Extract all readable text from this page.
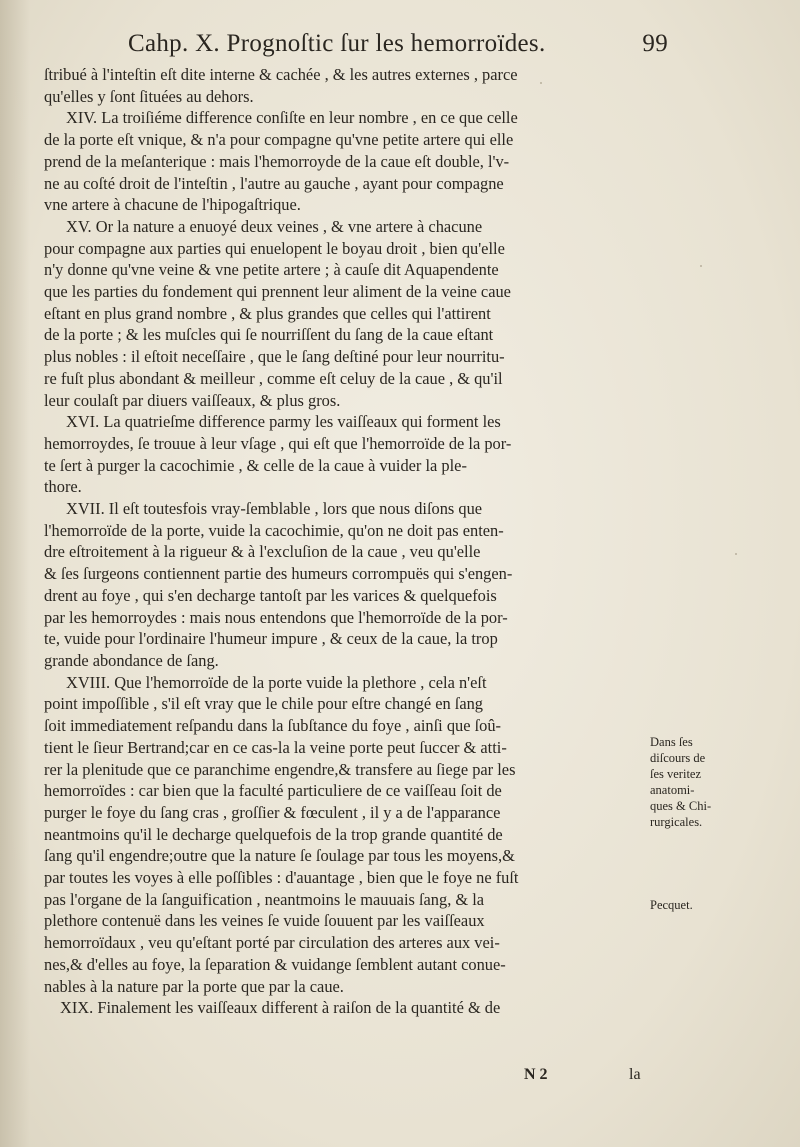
Cahp. X. Prognoſtic ſur les hemorroïdes.	99
ſtribué à l'inteſtin eſt dite interne & cachée , & les autres externes , parce
qu'elles y ſont ſituées au dehors.
XIV. La troiſiéme difference conſiſte en leur nombre , en ce que celle
de la porte eſt vnique, & n'a pour compagne qu'vne petite artere qui elle
prend de la meſanterique : mais l'hemorroyde de la caue eſt double, l'v-
ne au coſté droit de l'inteſtin , l'autre au gauche , ayant pour compagne
vne artere à chacune de l'hipogaſtrique.
XV. Or la nature a enuoyé deux veines , & vne artere à chacune
pour compagne aux parties qui enuelopent le boyau droit , bien qu'elle
n'y donne qu'vne veine & vne petite artere ; à cauſe dit Aquapendente
que les parties du fondement qui prennent leur aliment de la veine caue
eſtant en plus grand nombre , & plus grandes que celles qui l'attirent
de la porte ; & les muſcles qui ſe nourriſſent du ſang de la caue eſtant
plus nobles : il eſtoit neceſſaire , que le ſang deſtiné pour leur nourritu-
re fuſt plus abondant & meilleur , comme eſt celuy de la caue , & qu'il
leur coulaſt par diuers vaiſſeaux, & plus gros.
XVI. La quatrieſme difference parmy les vaiſſeaux qui forment les
hemorroydes, ſe trouue à leur vſage , qui eſt que l'hemorroïde de la por-
te ſert à purger la cacochimie , & celle de la caue à vuider la ple-
thore.
XVII. Il eſt toutesfois vray-ſemblable , lors que nous diſons que
l'hemorroïde de la porte, vuide la cacochimie, qu'on ne doit pas enten-
dre eſtroitement à la rigueur & à l'excluſion de la caue , veu qu'elle
& ſes ſurgeons contiennent partie des humeurs corrompuës qui s'engen-
drent au foye , qui s'en decharge tantoſt par les varices & quelquefois
par les hemorroydes : mais nous entendons que l'hemorroïde de la por-
te, vuide pour l'ordinaire l'humeur impure , & ceux de la caue, la trop
grande abondance de ſang.
XVIII. Que l'hemorroïde de la porte vuide la plethore , cela n'eſt
point impoſſible , s'il eſt vray que le chile pour eſtre changé en ſang
ſoit immediatement reſpandu dans la ſubſtance du foye , ainſi que ſoû-
tient le ſieur Bertrand;car en ce cas-la la veine porte peut ſuccer & atti-
rer la plenitude que ce paranchime engendre,& transfere au ſiege par les
hemorroïdes : car bien que la faculté particuliere de ce vaiſſeau ſoit de
purger le foye du ſang cras , groſſier & fœculent , il y a de l'apparance
neantmoins qu'il le decharge quelquefois de la trop grande quantité de
ſang qu'il engendre;outre que la nature ſe ſoulage par tous les moyens,&
par toutes les voyes à elle poſſibles : d'auantage , bien que le foye ne fuſt
pas l'organe de la ſanguification , neantmoins le mauuais ſang, & la
plethore contenuë dans les veines ſe vuide ſouuent par les vaiſſeaux
hemorroïdaux , veu qu'eſtant porté par circulation des arteres aux vei-
nes,& d'elles au foye, la ſeparation & vuidange ſemblent autant conue-
nables à la nature par la porte que par la caue.
XIX. Finalement les vaiſſeaux different à raiſon de la quantité & de
Dans ſes
diſcours de
ſes veritez
anatomi-
ques & Chi-
rurgicales.
Pecquet.
N 2	la
